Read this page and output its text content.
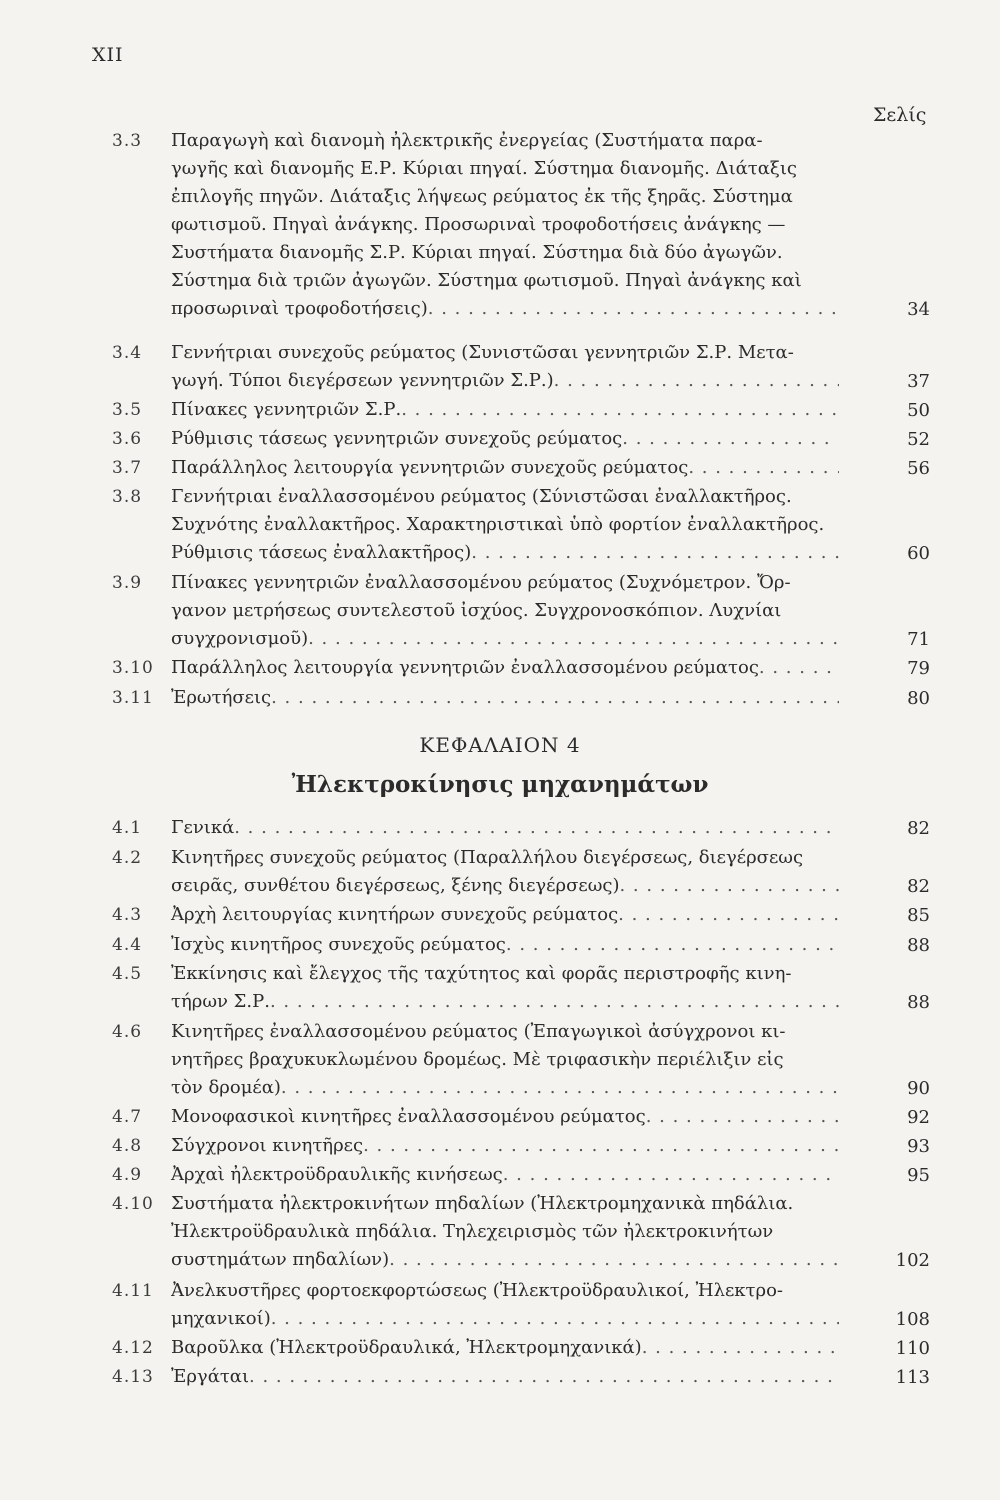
XII
Σελίς
3.3 Παραγωγὴ καὶ διανομὴ ἠλεκτρικῆς ἐνεργείας (Συστήματα παρα-
γωγῆς καὶ διανομῆς Ε.Ρ. Κύριαι πηγαί. Σύστημα διανομῆς. Διάταξις
ἐπιλογῆς πηγῶν. Διάταξις λήψεως ρεύματος ἐκ τῆς ξηρᾶς. Σύστημα
φωτισμοῦ. Πηγαὶ ἀνάγκης. Προσωριναὶ τροφοδοτήσεις ἀνάγκης —
Συστήματα διανομῆς Σ.Ρ. Κύριαι πηγαί. Σύστημα διὰ δύο ἀγωγῶν.
Σύστημα διὰ τριῶν ἀγωγῶν. Σύστημα φωτισμοῦ. Πηγαὶ ἀνάγκης καὶ
προσωριναὶ τροφοδοτήσεις) . . .	34
3.4 Γεννήτριαι συνεχοῦς ρεύματος (Συνιστῶσαι γεννητριῶν Σ.Ρ. Μετα-
γωγή. Τύποι διεγέρσεων γεννητριῶν Σ.Ρ.) . . .	37
3.5 Πίνακες γεννητριῶν Σ.Ρ. . . .	50
3.6 Ρύθμισις τάσεως γεννητριῶν συνεχοῦς ρεύματος . . .	52
3.7 Παράλληλος λειτουργία γεννητριῶν συνεχοῦς ρεύματος . . .	56
3.8 Γεννήτριαι ἐναλλασσομένου ρεύματος (Σύνιστῶσαι ἐναλλακτῆρος.
Συχνότης ἐναλλακτῆρος. Χαρακτηριστικαὶ ὑπὸ φορτίον ἐναλλακτῆρος.
Ρύθμισις τάσεως ἐναλλακτῆρος) . . .	60
3.9 Πίνακες γεννητριῶν ἐναλλασσομένου ρεύματος (Συχνόμετρον. Ὄρ-
γανον μετρήσεως συντελεστοῦ ἰσχύος. Συγχρονοσκόπιον. Λυχνίαι
συγχρονισμοῦ) . . .	71
3.10 Παράλληλος λειτουργία γεννητριῶν ἐναλλασσομένου ρεύματος . . .	79
3.11 Ἐρωτήσεις . . .	80
ΚΕΦΑΛΑΙΟΝ 4
Ἠλεκτροκίνησις μηχανημάτων
4.1 Γενικά . . .	82
4.2 Κινητῆρες συνεχοῦς ρεύματος (Παραλλήλου διεγέρσεως, διεγέρσεως
σειρᾶς, συνθέτου διεγέρσεως, ξένης διεγέρσεως) . . .	82
4.3 Ἀρχὴ λειτουργίας κινητήρων συνεχοῦς ρεύματος . . .	85
4.4 Ἰσχὺς κινητῆρος συνεχοῦς ρεύματος . . .	88
4.5 Ἐκκίνησις καὶ ἔλεγχος τῆς ταχύτητος καὶ φορᾶς περιστροφῆς κινη-
τήρων Σ.Ρ. . . .	88
4.6 Κινητῆρες ἐναλλασσομένου ρεύματος (Ἐπαγωγικοὶ ἀσύγχρονοι κι-
νητῆρες βραχυκυκλωμένου δρομέως. Μὲ τριφασικὴν περιέλιξιν εἰς
τὸν δρομέα) . . .	90
4.7 Μονοφασικοὶ κινητῆρες ἐναλλασσομένου ρεύματος . . .	92
4.8 Σύγχρονοι κινητῆρες . . .	93
4.9 Ἀρχαὶ ἠλεκτροϋδραυλικῆς κινήσεως . . .	95
4.10 Συστήματα ἠλεκτροκινήτων πηδαλίων (Ἠλεκτρομηχανικὰ πηδάλια.
Ἠλεκτροϋδραυλικὰ πηδάλια. Τηλεχειρισμὸς τῶν ἠλεκτροκινήτων
συστημάτων πηδαλίων) . . .	102
4.11 Ἀνελκυστῆρες φορτοεκφορτώσεως (Ἠλεκτροϋδραυλικοί, Ἠλεκτρο-
μηχανικοί) . . .	108
4.12 Βαροῦλκα (Ἠλεκτροϋδραυλικά, Ἠλεκτρομηχανικά) . . .	110
4.13 Ἐργάται . . .	113
